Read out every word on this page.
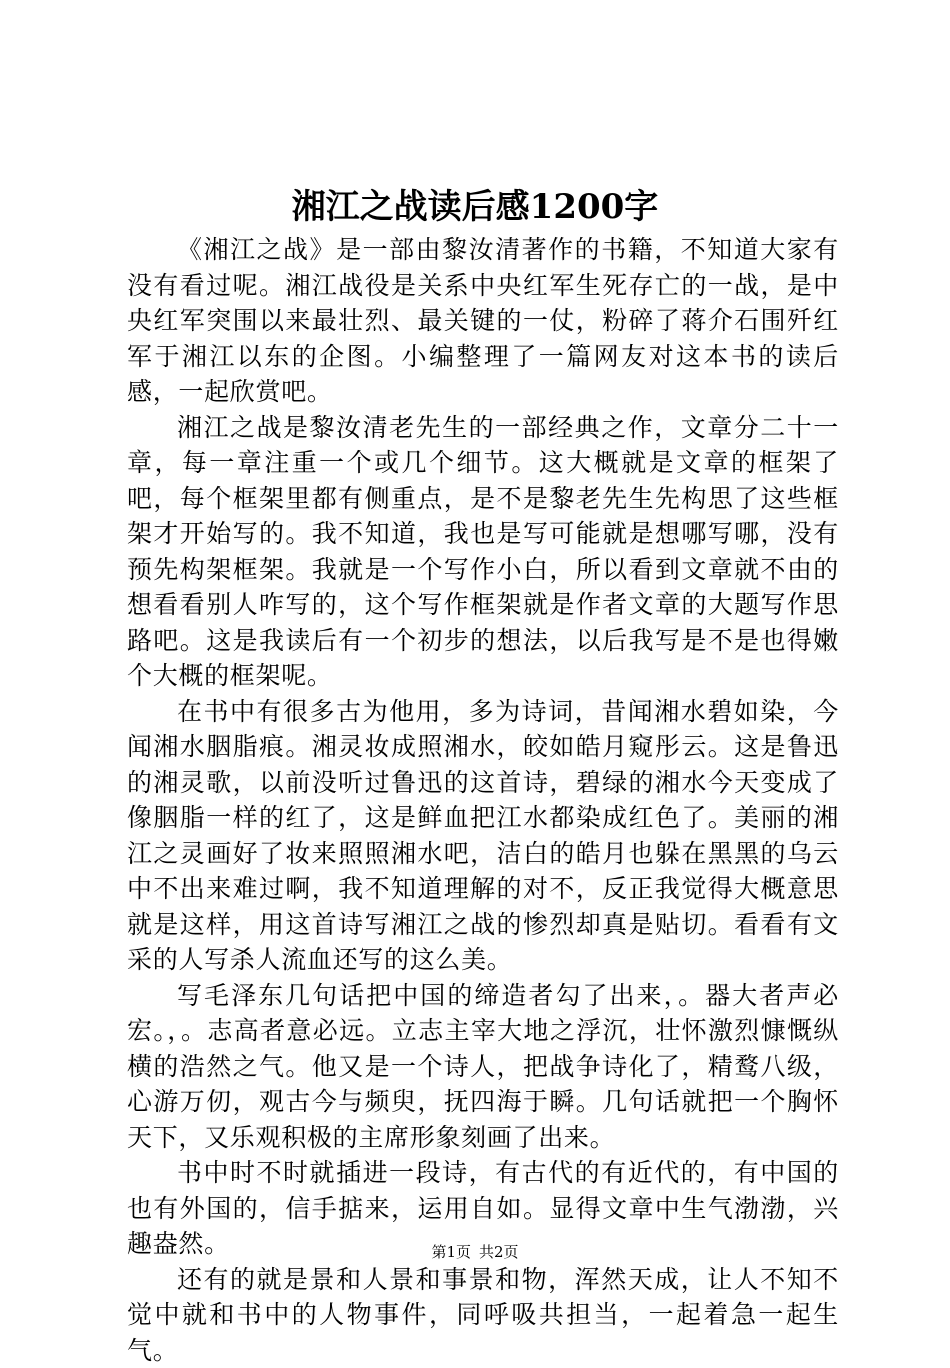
湘江之战读后感1200字

《湘江之战》是一部由黎汝清著作的书籍，不知道大家有没有看过呢。湘江战役是关系中央红军生死存亡的一战，是中央红军突围以来最壮烈、最关键的一仗，粉碎了蒋介石围歼红军于湘江以东的企图。小编整理了一篇网友对这本书的读后感，一起欣赏吧。

湘江之战是黎汝清老先生的一部经典之作，文章分二十一章，每一章注重一个或几个细节。这大概就是文章的框架了吧，每个框架里都有侧重点，是不是黎老先生先构思了这些框架才开始写的。我不知道，我也是写可能就是想哪写哪，没有预先构架框架。我就是一个写作小白，所以看到文章就不由的想看看别人咋写的，这个写作框架就是作者文章的大题写作思路吧。这是我读后有一个初步的想法，以后我写是不是也得嫩个大概的框架呢。

在书中有很多古为他用，多为诗词，昔闻湘水碧如染，今闻湘水胭脂痕。湘灵妆成照湘水，皎如皓月窥彤云。这是鲁迅的湘灵歌，以前没听过鲁迅的这首诗，碧绿的湘水今天变成了像胭脂一样的红了，这是鲜血把江水都染成红色了。美丽的湘江之灵画好了妆来照照湘水吧，洁白的皓月也躲在黑黑的乌云中不出来难过啊，我不知道理解的对不，反正我觉得大概意思就是这样，用这首诗写湘江之战的惨烈却真是贴切。看看有文采的人写杀人流血还写的这么美。

写毛泽东几句话把中国的缔造者勾了出来，。器大者声必宏。，。志高者意必远。立志主宰大地之浮沉，壮怀激烈慷慨纵横的浩然之气。他又是一个诗人，把战争诗化了，精鹜八级，心游万仞，观古今与频臾，抚四海于瞬。几句话就把一个胸怀天下，又乐观积极的主席形象刻画了出来。

书中时不时就插进一段诗，有古代的有近代的，有中国的也有外国的，信手掂来，运用自如。显得文章中生气渤渤，兴趣盎然。

还有的就是景和人景和事景和物，浑然天成，让人不知不觉中就和书中的人物事件，同呼吸共担当，一起着急一起生气。

第1页 共2页
